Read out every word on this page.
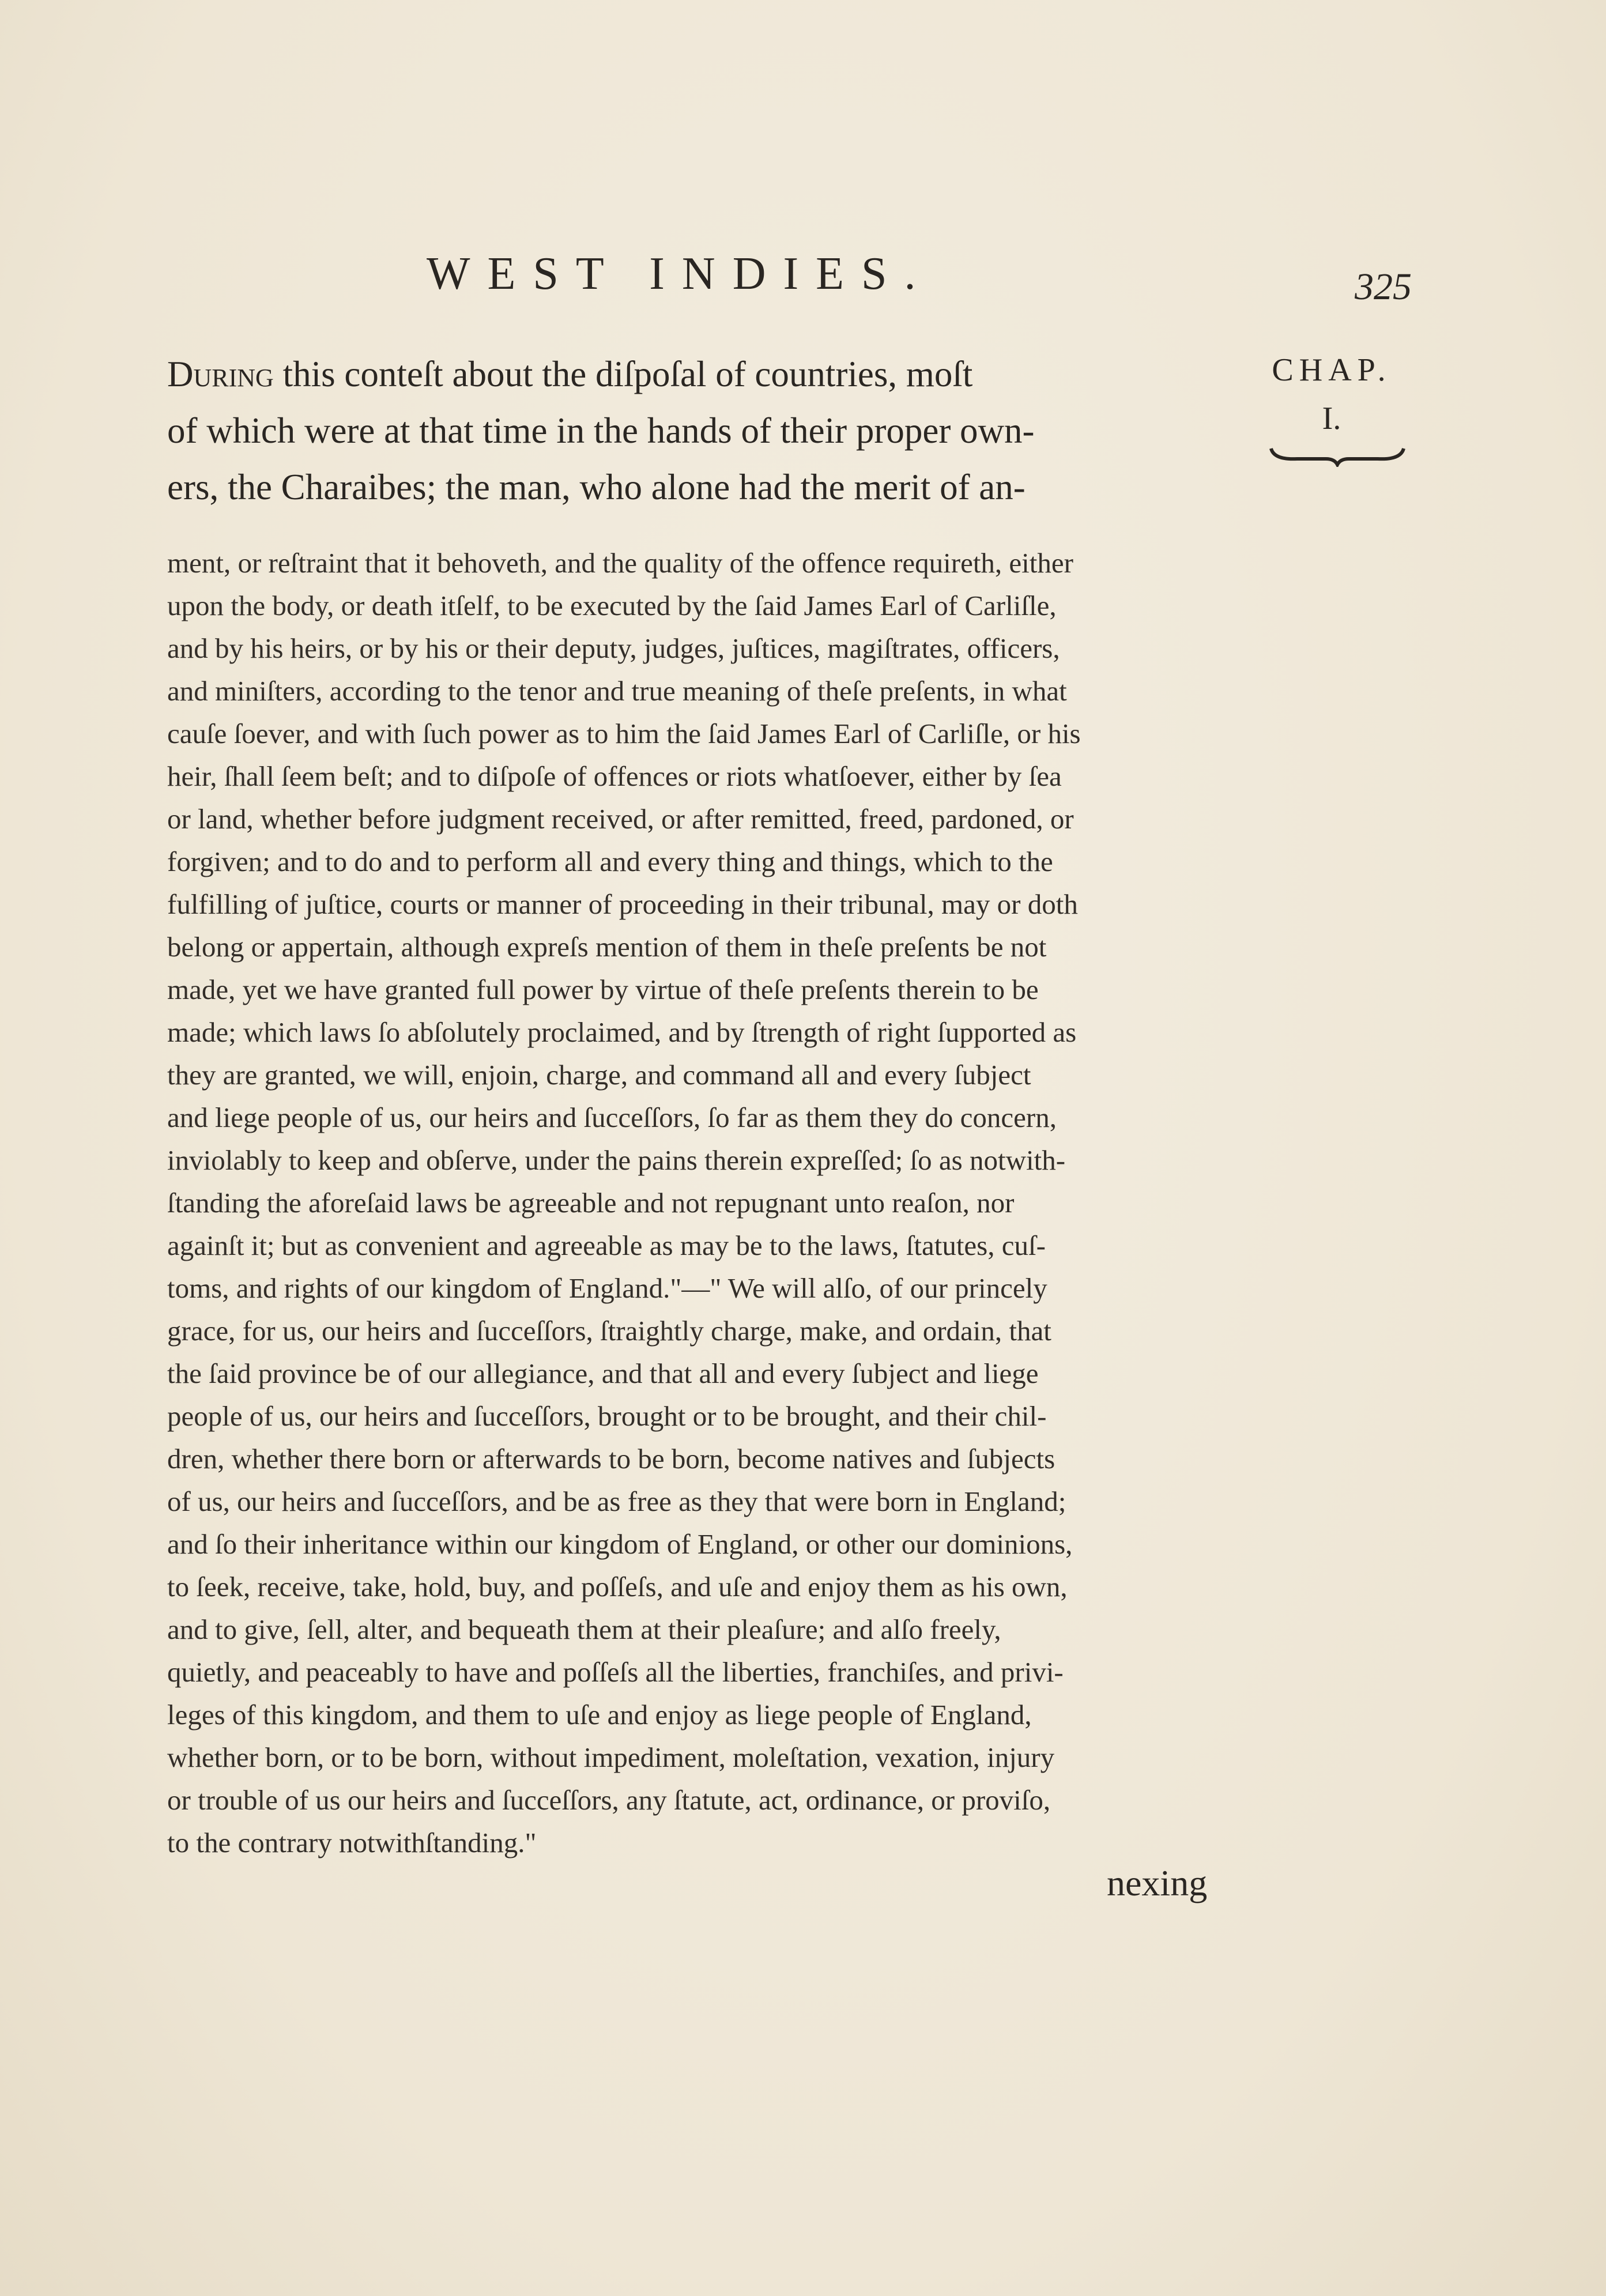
WEST INDIES.	325
During this conteſt about the diſpoſal of countries, moſt
of which were at that time in the hands of their proper own-
ers, the Charaibes; the man, who alone had the merit of an-
CHAP.
I.
ment, or reſtraint that it behoveth, and the quality of the offence requireth, either
upon the body, or death itſelf, to be executed by the ſaid James Earl of Carliſle,
and by his heirs, or by his or their deputy, judges, juſtices, magiſtrates, officers,
and miniſters, according to the tenor and true meaning of theſe preſents, in what
cauſe ſoever, and with ſuch power as to him the ſaid James Earl of Carliſle, or his
heir, ſhall ſeem beſt; and to diſpoſe of offences or riots whatſoever, either by ſea
or land, whether before judgment received, or after remitted, freed, pardoned, or
forgiven; and to do and to perform all and every thing and things, which to the
fulfilling of juſtice, courts or manner of proceeding in their tribunal, may or doth
belong or appertain, although expreſs mention of them in theſe preſents be not
made, yet we have granted full power by virtue of theſe preſents therein to be
made; which laws ſo abſolutely proclaimed, and by ſtrength of right ſupported as
they are granted, we will, enjoin, charge, and command all and every ſubject
and liege people of us, our heirs and ſucceſſors, ſo far as them they do concern,
inviolably to keep and obſerve, under the pains therein expreſſed; ſo as notwith-
ſtanding the aforeſaid laws be agreeable and not repugnant unto reaſon, nor
againſt it; but as convenient and agreeable as may be to the laws, ſtatutes, cuſ-
toms, and rights of our kingdom of England."—" We will alſo, of our princely
grace, for us, our heirs and ſucceſſors, ſtraightly charge, make, and ordain, that
the ſaid province be of our allegiance, and that all and every ſubject and liege
people of us, our heirs and ſucceſſors, brought or to be brought, and their chil-
dren, whether there born or afterwards to be born, become natives and ſubjects
of us, our heirs and ſucceſſors, and be as free as they that were born in England;
and ſo their inheritance within our kingdom of England, or other our dominions,
to ſeek, receive, take, hold, buy, and poſſeſs, and uſe and enjoy them as his own,
and to give, ſell, alter, and bequeath them at their pleaſure; and alſo freely,
quietly, and peaceably to have and poſſeſs all the liberties, franchiſes, and privi-
leges of this kingdom, and them to uſe and enjoy as liege people of England,
whether born, or to be born, without impediment, moleſtation, vexation, injury
or trouble of us our heirs and ſucceſſors, any ſtatute, act, ordinance, or proviſo,
to the contrary notwithſtanding."
nexing
